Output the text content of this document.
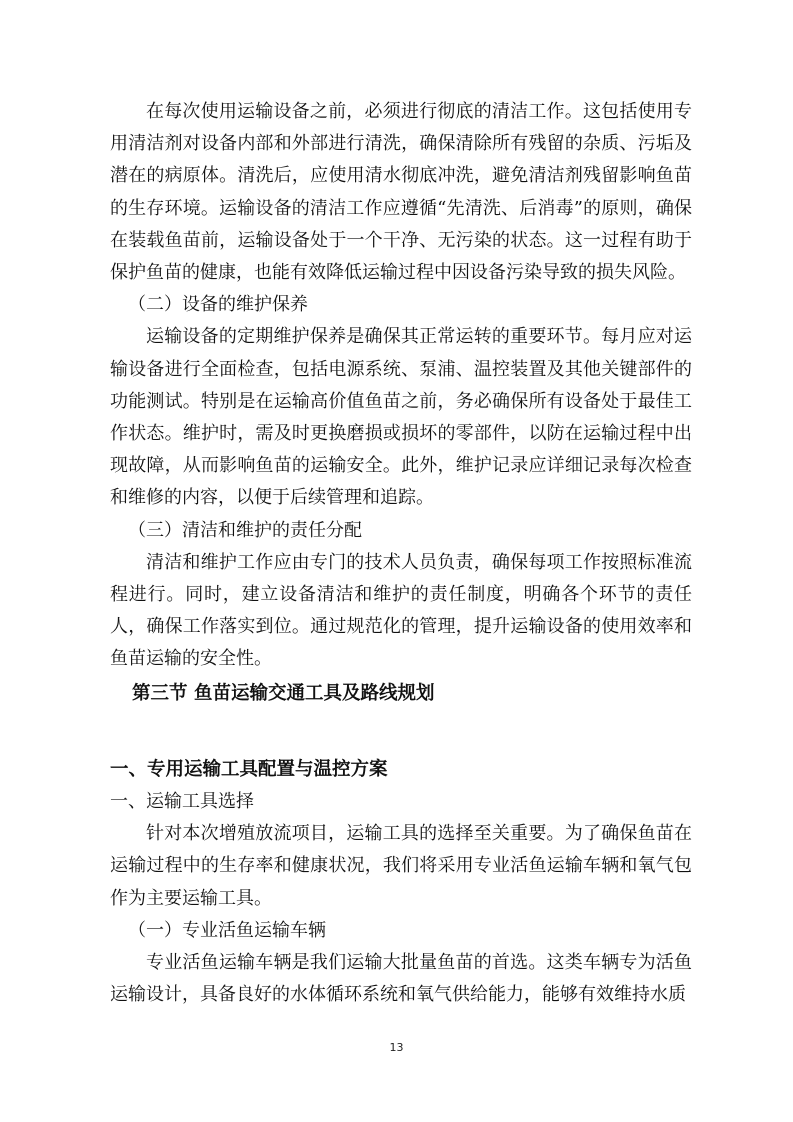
在每次使用运输设备之前，必须进行彻底的清洁工作。这包括使用专用清洁剂对设备内部和外部进行清洗，确保清除所有残留的杂质、污垢及潜在的病原体。清洗后，应使用清水彻底冲洗，避免清洁剂残留影响鱼苗的生存环境。运输设备的清洁工作应遵循“先清洗、后消毒”的原则，确保在装载鱼苗前，运输设备处于一个干净、无污染的状态。这一过程有助于保护鱼苗的健康，也能有效降低运输过程中因设备污染导致的损失风险。

（二）设备的维护保养

运输设备的定期维护保养是确保其正常运转的重要环节。每月应对运输设备进行全面检查，包括电源系统、泵浦、温控装置及其他关键部件的功能测试。特别是在运输高价值鱼苗之前，务必确保所有设备处于最佳工作状态。维护时，需及时更换磨损或损坏的零部件，以防在运输过程中出现故障，从而影响鱼苗的运输安全。此外，维护记录应详细记录每次检查和维修的内容，以便于后续管理和追踪。

（三）清洁和维护的责任分配

清洁和维护工作应由专门的技术人员负责，确保每项工作按照标准流程进行。同时，建立设备清洁和维护的责任制度，明确各个环节的责任人，确保工作落实到位。通过规范化的管理，提升运输设备的使用效率和鱼苗运输的安全性。

第三节 鱼苗运输交通工具及路线规划

一、专用运输工具配置与温控方案

一、运输工具选择

针对本次增殖放流项目，运输工具的选择至关重要。为了确保鱼苗在运输过程中的生存率和健康状况，我们将采用专业活鱼运输车辆和氧气包作为主要运输工具。

（一）专业活鱼运输车辆

专业活鱼运输车辆是我们运输大批量鱼苗的首选。这类车辆专为活鱼运输设计，具备良好的水体循环系统和氧气供给能力，能够有效维持水质

13
